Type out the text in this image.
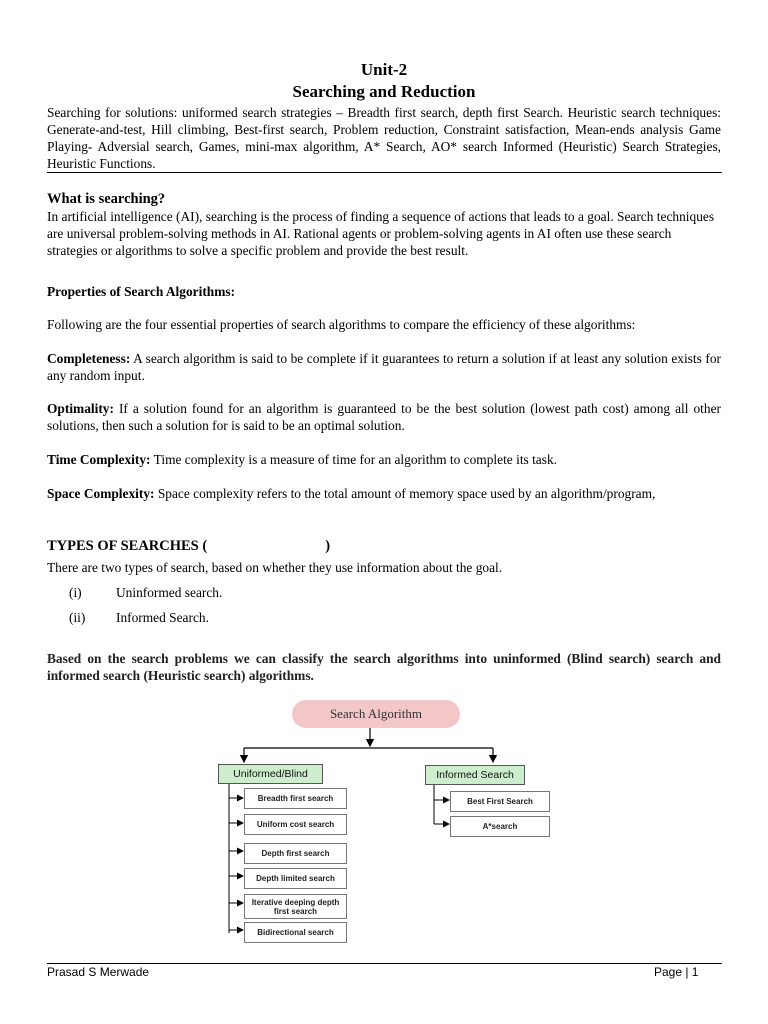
Unit-2
Searching and Reduction
Searching for solutions: uniformed search strategies – Breadth first search, depth first Search. Heuristic search techniques: Generate-and-test, Hill climbing, Best-first search, Problem reduction, Constraint satisfaction, Mean-ends analysis Game Playing- Adversial search, Games, mini-max algorithm, A* Search, AO* search Informed (Heuristic) Search Strategies, Heuristic Functions.
What is searching?
In artificial intelligence (AI), searching is the process of finding a sequence of actions that leads to a goal. Search techniques are universal problem-solving methods in AI. Rational agents or problem-solving agents in AI often use these search strategies or algorithms to solve a specific problem and provide the best result.
Properties of Search Algorithms:
Following are the four essential properties of search algorithms to compare the efficiency of these algorithms:
Completeness: A search algorithm is said to be complete if it guarantees to return a solution if at least any solution exists for any random input.
Optimality: If a solution found for an algorithm is guaranteed to be the best solution (lowest path cost) among all other solutions, then such a solution for is said to be an optimal solution.
Time Complexity: Time complexity is a measure of time for an algorithm to complete its task.
Space Complexity: Space complexity refers to the total amount of memory space used by an algorithm/program,
TYPES OF SEARCHES (	)
There are two types of search, based on whether they use information about the goal.
(i)	Uninformed search.
(ii) Informed Search.
Based on the search problems we can classify the search algorithms into uninformed (Blind search) search and informed search (Heuristic search) algorithms.
Search Algorithm
Uniformed/Blind	Informed Search
Breadth first search
Uniform cost search
Depth first search
Depth limited search
Iterative deeping depth first search
Bidirectional search
Best First Search
A*search
Prasad S Merwade	Page | 1
